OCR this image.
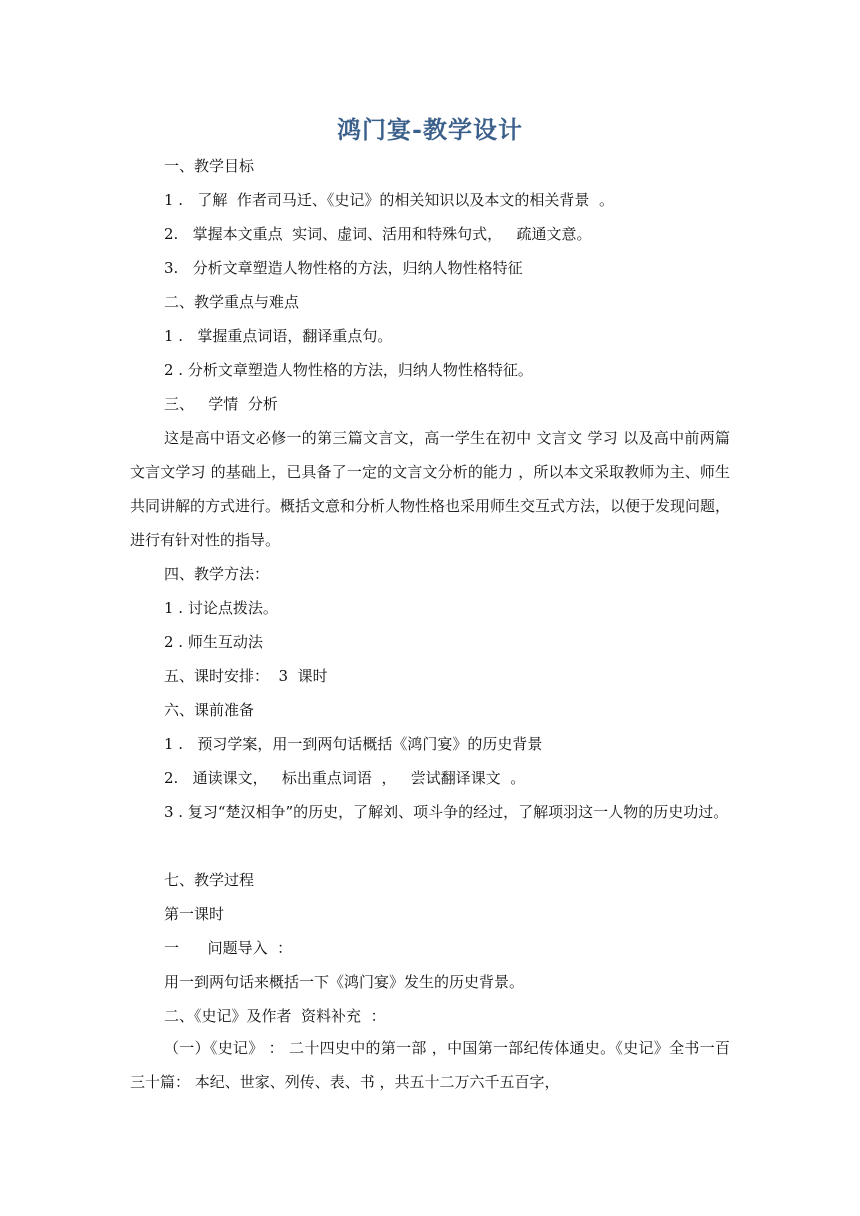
鸿门宴-教学设计
一、教学目标
1 .   了解  作者司马迁、《史记》的相关知识以及本文的相关背景  。
2.   掌握本文重点  实词、虚词、活用和特殊句式，   疏通文意。
3.   分析文章塑造人物性格的方法，归纳人物性格特征
二、教学重点与难点
1 .   掌握重点词语，翻译重点句。
2 . 分析文章塑造人物性格的方法，归纳人物性格特征。
三、   学情  分析
这是高中语文必修一的第三篇文言文，高一学生在初中 文言文 学习 以及高中前两篇文言文学习 的基础上，已具备了一定的文言文分析的能力 ，所以本文采取教师为主、师生共同讲解的方式进行。概括文意和分析人物性格也采用师生交互式方法，以便于发现问题，进行有针对性的指导。
四、教学方法：
1 . 讨论点拨法。
2 . 师生互动法
五、课时安排：  3  课时
六、课前准备
1 .   预习学案，用一到两句话概括《鸿门宴》的历史背景
2.   通读课文，   标出重点词语  ，   尝试翻译课文  。
3 . 复习“楚汉相争”的历史，了解刘、项斗争的经过，了解项羽这一人物的历史功过。
七、教学过程
第一课时
一      问题导入  ：
用一到两句话来概括一下《鸿门宴》发生的历史背景。
二、《史记》及作者  资料补充  ：
（一）《史记》 ： 二十四史中的第一部 ，中国第一部纪传体通史。《史记》全书一百三十篇： 本纪、世家、列传、表、书 ，共五十二万六千五百字，
